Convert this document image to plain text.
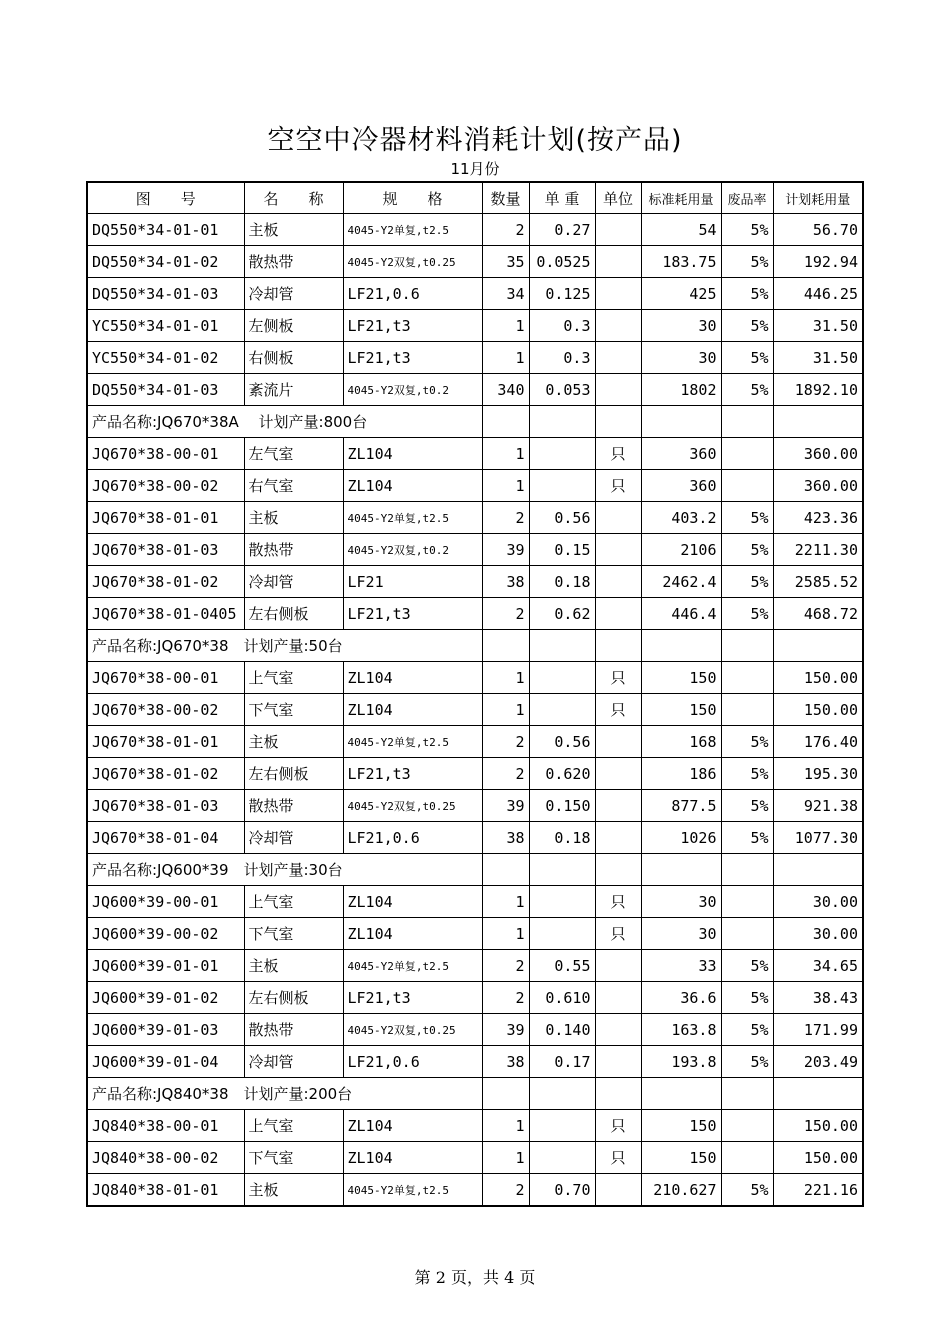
空空中冷器材料消耗计划(按产品)
11月份
图　　号	名　　称	规　　格	数量	单 重	单位	标准耗用量	废品率	计划耗用量
DQ550*34-01-01	主板	4045-Y2单复,t2.5	2	0.27		54	5%	56.70
DQ550*34-01-02	散热带	4045-Y2双复,t0.25	35	0.0525		183.75	5%	192.94
DQ550*34-01-03	冷却管	LF21,0.6	34	0.125		425	5%	446.25
YC550*34-01-01	左侧板	LF21,t3	1	0.3		30	5%	31.50
YC550*34-01-02	右侧板	LF21,t3	1	0.3		30	5%	31.50
DQ550*34-01-03	紊流片	4045-Y2双复,t0.2	340	0.053		1802	5%	1892.10
产品名称:JQ670*38A　 计划产量:800台								
JQ670*38-00-01	左气室	ZL104	1		只	360		360.00
JQ670*38-00-02	右气室	ZL104	1		只	360		360.00
JQ670*38-01-01	主板	4045-Y2单复,t2.5	2	0.56		403.2	5%	423.36
JQ670*38-01-03	散热带	4045-Y2双复,t0.2	39	0.15		2106	5%	2211.30
JQ670*38-01-02	冷却管	LF21	38	0.18		2462.4	5%	2585.52
JQ670*38-01-0405	左右侧板	LF21,t3	2	0.62		446.4	5%	468.72
产品名称:JQ670*38　计划产量:50台								
JQ670*38-00-01	上气室	ZL104	1		只	150		150.00
JQ670*38-00-02	下气室	ZL104	1		只	150		150.00
JQ670*38-01-01	主板	4045-Y2单复,t2.5	2	0.56		168	5%	176.40
JQ670*38-01-02	左右侧板	LF21,t3	2	0.620		186	5%	195.30
JQ670*38-01-03	散热带	4045-Y2双复,t0.25	39	0.150		877.5	5%	921.38
JQ670*38-01-04	冷却管	LF21,0.6	38	0.18		1026	5%	1077.30
产品名称:JQ600*39　计划产量:30台								
JQ600*39-00-01	上气室	ZL104	1		只	30		30.00
JQ600*39-00-02	下气室	ZL104	1		只	30		30.00
JQ600*39-01-01	主板	4045-Y2单复,t2.5	2	0.55		33	5%	34.65
JQ600*39-01-02	左右侧板	LF21,t3	2	0.610		36.6	5%	38.43
JQ600*39-01-03	散热带	4045-Y2双复,t0.25	39	0.140		163.8	5%	171.99
JQ600*39-01-04	冷却管	LF21,0.6	38	0.17		193.8	5%	203.49
产品名称:JQ840*38　计划产量:200台								
JQ840*38-00-01	上气室	ZL104	1		只	150		150.00
JQ840*38-00-02	下气室	ZL104	1		只	150		150.00
JQ840*38-01-01	主板	4045-Y2单复,t2.5	2	0.70		210.627	5%	221.16
第 2 页，共 4 页
